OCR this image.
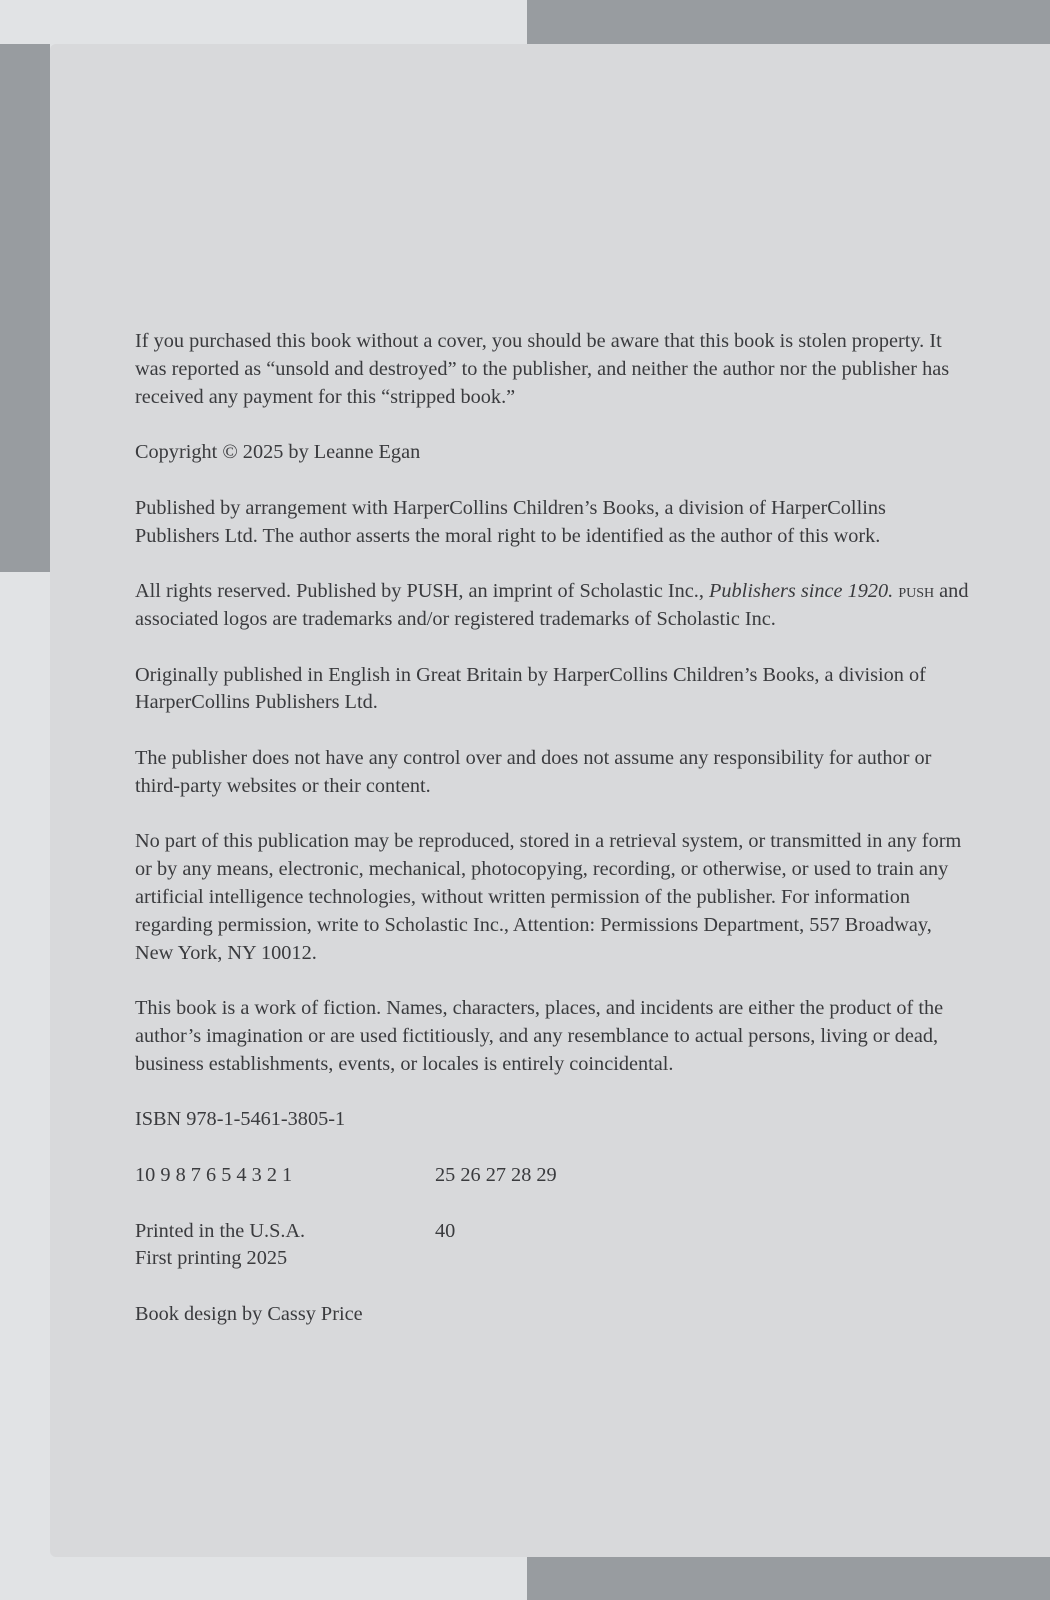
If you purchased this book without a cover, you should be aware that this book is stolen property. It was reported as “unsold and destroyed” to the publisher, and neither the author nor the publisher has received any payment for this “stripped book.”

Copyright © 2025 by Leanne Egan

Published by arrangement with HarperCollins Children’s Books, a division of HarperCollins Publishers Ltd. The author asserts the moral right to be identified as the author of this work.

All rights reserved. Published by PUSH, an imprint of Scholastic Inc., Publishers since 1920. push and associated logos are trademarks and/or registered trademarks of Scholastic Inc.

Originally published in English in Great Britain by HarperCollins Children’s Books, a division of HarperCollins Publishers Ltd.

The publisher does not have any control over and does not assume any responsibility for author or third-party websites or their content.

No part of this publication may be reproduced, stored in a retrieval system, or transmitted in any form or by any means, electronic, mechanical, photocopying, recording, or otherwise, or used to train any artificial intelligence technologies, without written permission of the publisher. For information regarding permission, write to Scholastic Inc., Attention: Permissions Department, 557 Broadway, New York, NY 10012.

This book is a work of fiction. Names, characters, places, and incidents are either the product of the author’s imagination or are used fictitiously, and any resemblance to actual persons, living or dead, business establishments, events, or locales is entirely coincidental.

ISBN 978-1-5461-3805-1

10 9 8 7 6 5 4 3 2 1	25 26 27 28 29
Printed in the U.S.A.
First printing 2025
40

Book design by Cassy Price
